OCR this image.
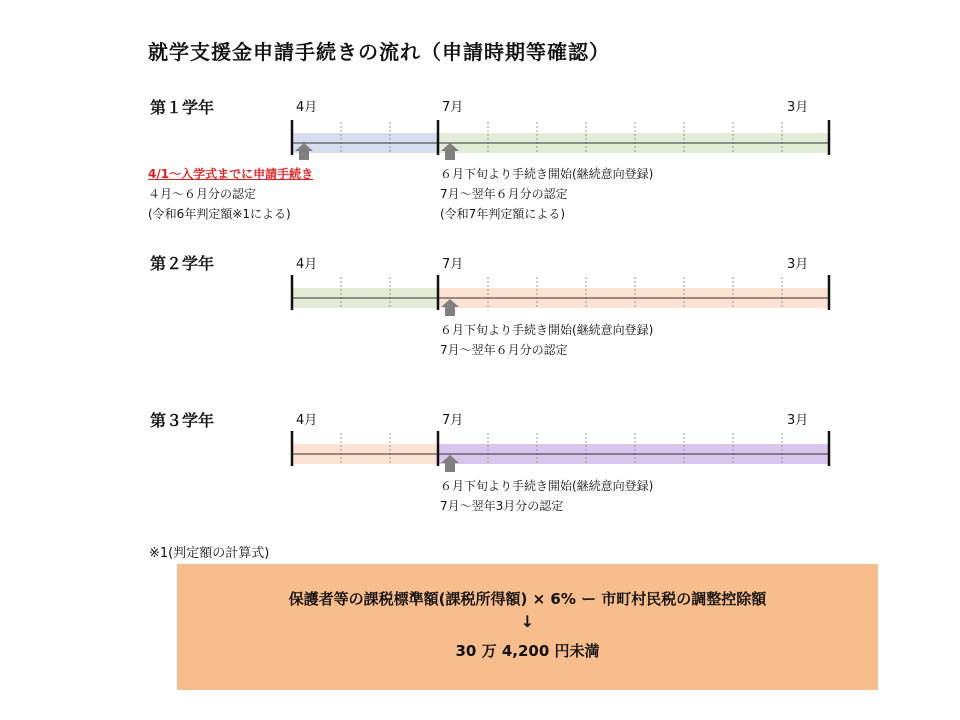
就学支援金申請手続きの流れ（申請時期等確認）
第１学年
第２学年
第３学年
4月	7月	3月
4月	7月	3月
4月	7月	3月
4/1～入学式までに申請手続き
４月～６月分の認定
(令和6年判定額※1による)
６月下旬より手続き開始(継続意向登録)
7月～翌年６月分の認定
(令和7年判定額による)
６月下旬より手続き開始(継続意向登録)
7月～翌年６月分の認定
６月下旬より手続き開始(継続意向登録)
7月～翌年3月分の認定
※1(判定額の計算式)
保護者等の課税標準額(課税所得額) × 6% ー 市町村民税の調整控除額
↓
30 万 4,200 円未満
